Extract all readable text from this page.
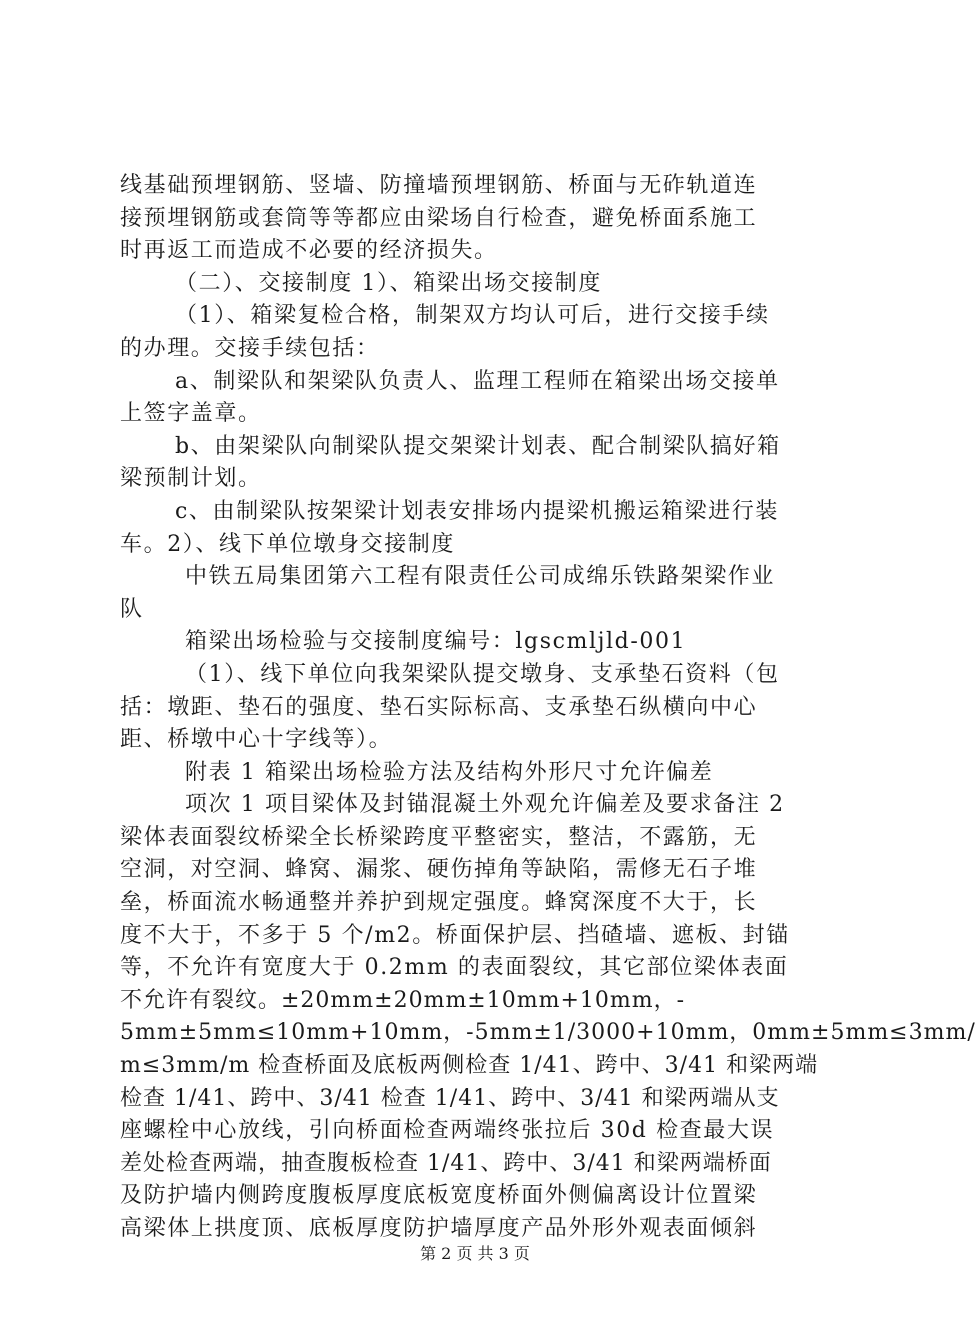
线基础预埋钢筋、竖墙、防撞墙预埋钢筋、桥面与无砟轨道连
接预埋钢筋或套筒等等都应由梁场自行检查，避免桥面系施工
时再返工而造成不必要的经济损失。
（二）、交接制度 1）、箱梁出场交接制度
（1）、箱梁复检合格，制架双方均认可后，进行交接手续
的办理。交接手续包括：
a、制梁队和架梁队负责人、监理工程师在箱梁出场交接单
上签字盖章。
b、由架梁队向制梁队提交架梁计划表、配合制梁队搞好箱
梁预制计划。
c、由制梁队按架梁计划表安排场内提梁机搬运箱梁进行装
车。2）、线下单位墩身交接制度
中铁五局集团第六工程有限责任公司成绵乐铁路架梁作业
队
箱梁出场检验与交接制度编号：lgscmljld-001
（1）、线下单位向我架梁队提交墩身、支承垫石资料（包
括：墩距、垫石的强度、垫石实际标高、支承垫石纵横向中心
距、桥墩中心十字线等）。
附表 1 箱梁出场检验方法及结构外形尺寸允许偏差
项次 1 项目梁体及封锚混凝土外观允许偏差及要求备注 2
梁体表面裂纹桥梁全长桥梁跨度平整密实，整洁，不露筋，无
空洞，对空洞、蜂窝、漏浆、硬伤掉角等缺陷，需修无石子堆
垒，桥面流水畅通整并养护到规定强度。蜂窝深度不大于，长
度不大于，不多于 5 个/m2。桥面保护层、挡碴墙、遮板、封锚
等，不允许有宽度大于 0.2mm 的表面裂纹，其它部位梁体表面
不允许有裂纹。±20mm±20mm±10mm+10mm，-
5mm±5mm≤10mm+10mm，-5mm±1/3000+10mm，0mm±5mm≤3mm/
m≤3mm/m 检查桥面及底板两侧检查 1/41、跨中、3/41 和梁两端
检查 1/41、跨中、3/41 检查 1/41、跨中、3/41 和梁两端从支
座螺栓中心放线，引向桥面检查两端终张拉后 30d 检查最大误
差处检查两端，抽查腹板检查 1/41、跨中、3/41 和梁两端桥面
及防护墙内侧跨度腹板厚度底板宽度桥面外侧偏离设计位置梁
高梁体上拱度顶、底板厚度防护墙厚度产品外形外观表面倾斜
第 2 页 共 3 页
